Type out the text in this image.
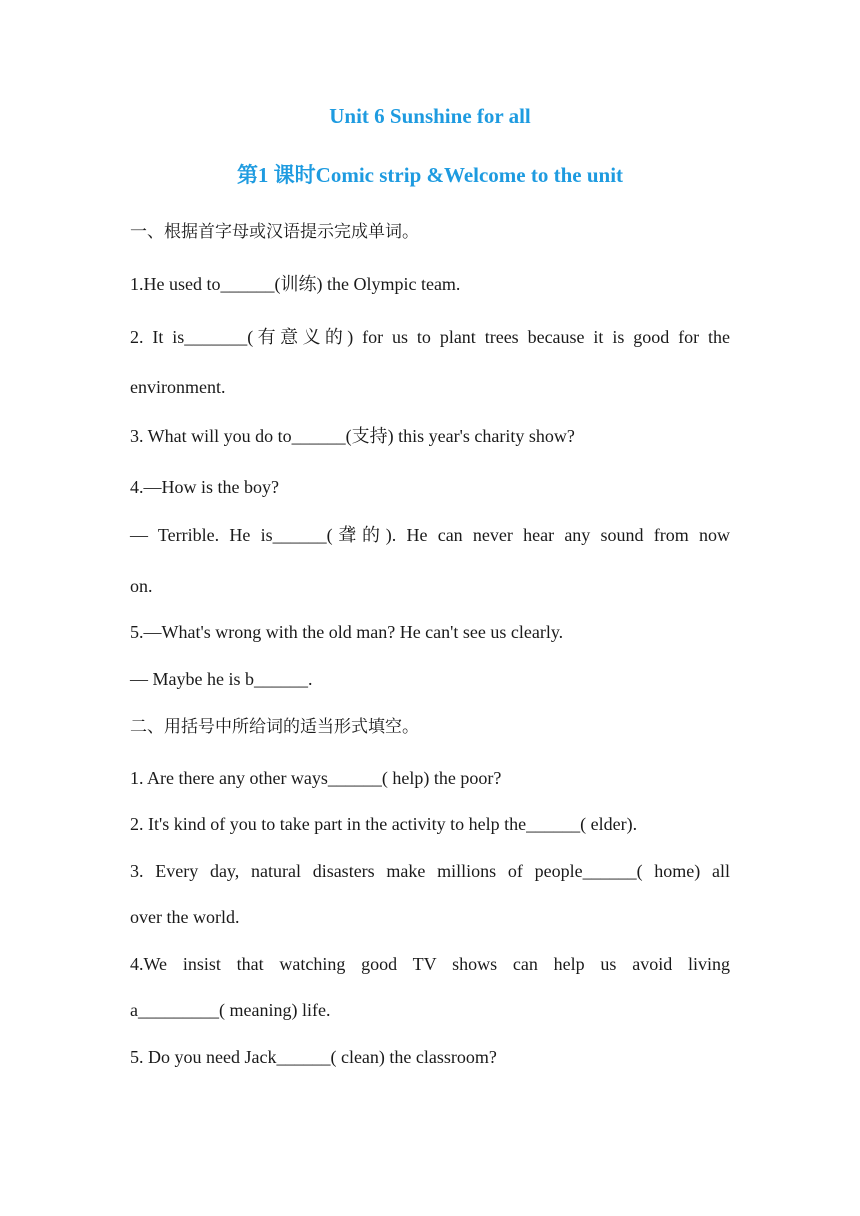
Unit 6 Sunshine for all
第1 课时Comic strip &Welcome to the unit
一、根据首字母或汉语提示完成单词。
1.He used to______(训练) the Olympic team.
2. It is_______(有意义的) for us to plant trees because it is good for the
environment.
3. What will you do to______(支持) this year's charity show?
4.—How is the boy?
— Terrible. He is______(聋的). He can never hear any sound from now
on.
5.—What's wrong with the old man? He can't see us clearly.
— Maybe he is b______.
二、用括号中所给词的适当形式填空。
1. Are there any other ways______( help) the poor?
2. It's kind of you to take part in the activity to help the______( elder).
3. Every day, natural disasters make millions of people______( home) all
over the world.
4.We insist that watching good TV shows can help us avoid living
a_________( meaning) life.
5. Do you need Jack______( clean) the classroom?
